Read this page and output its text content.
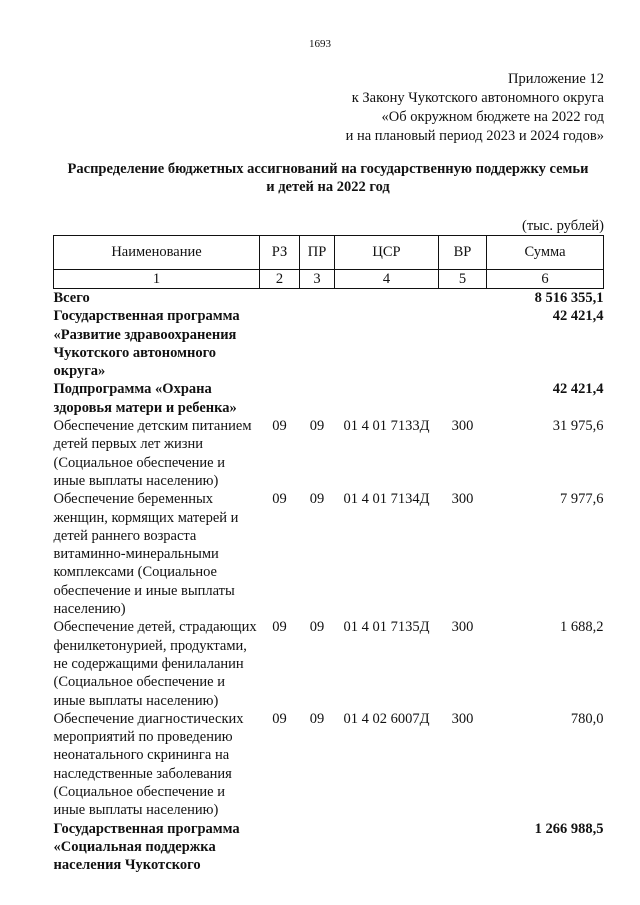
1693
Приложение 12
к Закону Чукотского автономного округа
«Об окружном бюджете на 2022 год
и на плановый период 2023 и 2024 годов»
Распределение бюджетных ассигнований на государственную поддержку семьи
и детей на 2022 год
(тыс. рублей)
Наименование	РЗ	ПР	ЦСР	ВР	Сумма
1	2	3	4	5	6
Всего					8 516 355,1
Государственная программа «Развитие здравоохранения Чукотского автономного округа»					42 421,4
Подпрограмма «Охрана здоровья матери и ребенка»					42 421,4
Обеспечение детским питанием детей первых лет жизни (Социальное обеспечение и иные выплаты населению)	09	09	01 4 01 7133Д	300	31 975,6
Обеспечение беременных женщин, кормящих матерей и детей раннего возраста витаминно-минеральными комплексами (Социальное обеспечение и иные выплаты населению)	09	09	01 4 01 7134Д	300	7 977,6
Обеспечение детей, страдающих фенилкетонурией, продуктами, не содержащими фенилаланин (Социальное обеспечение и иные выплаты населению)	09	09	01 4 01 7135Д	300	1 688,2
Обеспечение диагностических мероприятий по проведению неонатального скрининга на наследственные заболевания (Социальное обеспечение и иные выплаты населению)	09	09	01 4 02 6007Д	300	780,0
Государственная программа «Социальная поддержка населения Чукотского					1 266 988,5
